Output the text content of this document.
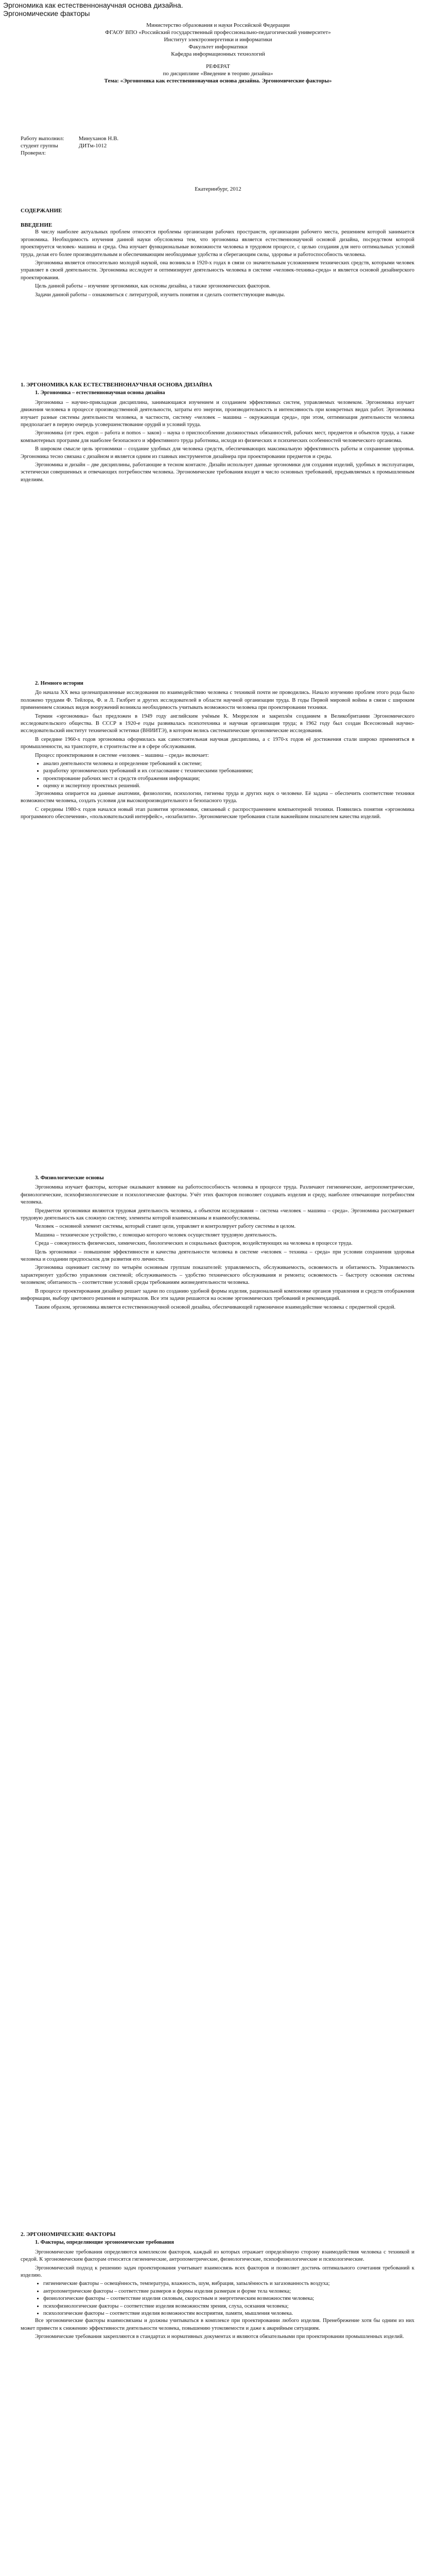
Эргономика как естественнонаучная основа дизайна.
Эргономические факторы
Министерство образования и науки Российской Федерации
ФГАОУ ВПО «Российский государственный профессионально-педагогический университет»
Институт электроэнергетики и информатики
Факультет информатики
Кафедра информационных технологий
РЕФЕРАТ
по дисциплине «Введение в теорию дизайна»
Тема: «Эргономика как естественнонаучная основа дизайна. Эргономические факторы»
Работу выполнил:	Минуханов Н.В.
студент группы	ДИТм-1012
Проверил:
Екатеринбург, 2012
СОДЕРЖАНИЕ
ВВЕДЕНИЕ

В числу наиболее актуальных проблем относятся проблемы организации рабочих пространств, организации рабочего места, решением которой занимается эргономика. Необходимость изучения данной науки обусловлена тем, что эргономика является естественнонаучной основой дизайна, посредством которой проектируется человек- машина и среда. Она изучает функциональные возможности человека в трудовом процессе, с целью создания для него оптимальных условий труда, делая его более производительным и обеспечивающим необходимые удобства и сберегающим силы, здоровье и работоспособность человека.

Эргономика является относительно молодой наукой, она возникла в 1920-х годах в связи со значительным усложнением технических средств, которыми человек управляет в своей деятельности. Эргономика исследует и оптимизирует деятельность человека в системе «человек-техника-среда» и является основой дизайнерского проектирования.

Цель данной работы – изучение эргономики, как основы дизайна, а также эргономических факторов.

Задачи данной работы – ознакомиться с литературой, изучить понятия и сделать соответствующие выводы.

1. ЭРГОНОМИКА КАК ЕСТЕСТВЕННОНАУЧНАЯ ОСНОВА ДИЗАЙНА
1. Эргономика – естественнонаучная основа дизайна

Эргономика – научно-прикладная дисциплина, занимающаяся изучением и созданием эффективных систем, управляемых человеком. Эргономика изучает движения человека в процессе производственной деятельности, затраты его энергии, производительность и интенсивность при конкретных видах работ. Эргономика изучает разные системы деятельности человека, в частности, систему «человек – машина – окружающая среда», при этом, оптимизация деятельности человека предполагает в первую очередь усовершенствование орудий и условий труда.

Эргономика (от греч. ergon – работа и nomos – закон) – наука о приспособлении должностных обязанностей, рабочих мест, предметов и объектов труда, а также компьютерных программ для наиболее безопасного и эффективного труда работника, исходя из физических и психических особенностей человеческого организма.

В широком смысле цель эргономики – создание удобных для человека средств, обеспечивающих максимальную эффективность работы и сохранение здоровья. Эргономика тесно связана с дизайном и является одним из главных инструментов дизайнера при проектировании предметов и среды.

Эргономика и дизайн – две дисциплины, работающие в тесном контакте. Дизайн использует данные эргономики для создания изделий, удобных в эксплуатации, эстетически совершенных и отвечающих потребностям человека. Эргономические требования входят в число основных требований, предъявляемых к промышленным изделиям.

2. Немного истории

До начала XX века целенаправленные исследования по взаимодействию человека с техникой почти не проводились. Начало изучению проблем этого рода было положено трудами Ф. Тейлора, Ф. и Л. Гилбрет и других исследователей в области научной организации труда. В годы Первой мировой войны в связи с широким применением сложных видов вооружений возникла необходимость учитывать возможности человека при проектировании техники.

Термин «эргономика» был предложен в 1949 году английским учёным К. Мюррелом и закреплён созданием в Великобритании Эргономического исследовательского общества. В СССР в 1920-е годы развивалась психотехника и научная организация труда; в 1962 году был создан Всесоюзный научно-исследовательский институт технической эстетики (ВНИИТЭ), в котором велись систематические эргономические исследования.

В середине 1960-х годов эргономика оформилась как самостоятельная научная дисциплина, а с 1970-х годов её достижения стали широко применяться в промышленности, на транспорте, в строительстве и в сфере обслуживания.

Процесс проектирования в системе «человек – машина – среда» включает:

• анализ деятельности человека и определение требований к системе;
• разработку эргономических требований и их согласование с техническими требованиями;
• проектирование рабочих мест и средств отображения информации;
• оценку и экспертизу проектных решений.

Эргономика опирается на данные анатомии, физиологии, психологии, гигиены труда и других наук о человеке. Её задача – обеспечить соответствие техники возможностям человека, создать условия для высокопроизводительного и безопасного труда.

С середины 1980-х годов начался новый этап развития эргономики, связанный с распространением компьютерной техники. Появились понятия «эргономика программного обеспечения», «пользовательский интерфейс», «юзабилити». Эргономические требования стали важнейшим показателем качества изделий.

3. Физиологические основы

Эргономика изучает факторы, которые оказывают влияние на работоспособность человека в процессе труда. Различают гигиенические, антропометрические, физиологические, психофизиологические и психологические факторы. Учёт этих факторов позволяет создавать изделия и среду, наиболее отвечающие потребностям человека.

Предметом эргономики являются трудовая деятельность человека, а объектом исследования – система «человек – машина – среда». Эргономика рассматривает трудовую деятельность как сложную систему, элементы которой взаимосвязаны и взаимообусловлены.

Человек – основной элемент системы, который ставит цели, управляет и контролирует работу системы в целом.

Машина – техническое устройство, с помощью которого человек осуществляет трудовую деятельность.

Среда – совокупность физических, химических, биологических и социальных факторов, воздействующих на человека в процессе труда.

Цель эргономики – повышение эффективности и качества деятельности человека в системе «человек – техника – среда» при условии сохранения здоровья человека и создании предпосылок для развития его личности.

Эргономика оценивает систему по четырём основным группам показателей: управляемость, обслуживаемость, освояемость и обитаемость. Управляемость характеризует удобство управления системой; обслуживаемость – удобство технического обслуживания и ремонта; освояемость – быстроту освоения системы человеком; обитаемость – соответствие условий среды требованиям жизнедеятельности человека.

В процессе проектирования дизайнер решает задачи по созданию удобной формы изделия, рациональной компоновке органов управления и средств отображения информации, выбору цветового решения и материалов. Все эти задачи решаются на основе эргономических требований и рекомендаций.

Таким образом, эргономика является естественнонаучной основой дизайна, обеспечивающей гармоничное взаимодействие человека с предметной средой.

2. ЭРГОНОМИЧЕСКИЕ ФАКТОРЫ
1. Факторы, определяющие эргономические требования

Эргономические требования определяются комплексом факторов, каждый из которых отражает определённую сторону взаимодействия человека с техникой и средой. К эргономическим факторам относятся гигиенические, антропометрические, физиологические, психофизиологические и психологические.

Эргономический подход к решению задач проектирования учитывает взаимосвязь всех факторов и позволяет достичь оптимального сочетания требований к изделию.

• гигиенические факторы – освещённость, температура, влажность, шум, вибрация, запылённость и загазованность воздуха;
• антропометрические факторы – соответствие размеров и формы изделия размерам и форме тела человека;
• физиологические факторы – соответствие изделия силовым, скоростным и энергетическим возможностям человека;
• психофизиологические факторы – соответствие изделия возможностям зрения, слуха, осязания человека;
• психологические факторы – соответствие изделия возможностям восприятия, памяти, мышления человека.

Все эргономические факторы взаимосвязаны и должны учитываться в комплексе при проектировании любого изделия. Пренебрежение хотя бы одним из них может привести к снижению эффективности деятельности человека, повышению утомляемости и даже к аварийным ситуациям.

Эргономические требования закрепляются в стандартах и нормативных документах и являются обязательными при проектировании промышленных изделий.
